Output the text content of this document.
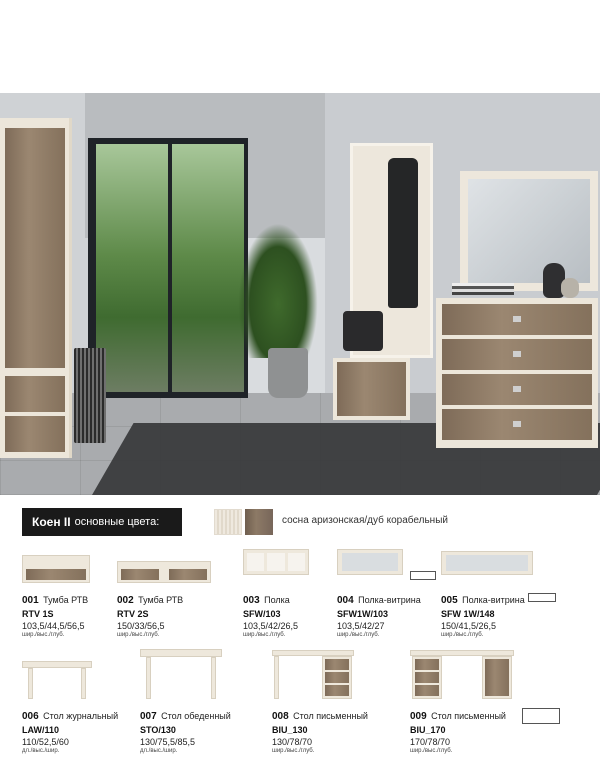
Коен II основные цвета:	сосна аризонская/дуб корабельный
001 Тумба РТВ
RTV 1S
103,5/44,5/56,5
шир./выс./глуб.
002 Тумба РТВ
RTV 2S
150/33/56,5
шир./выс./глуб.
003 Полка
SFW/103
103,5/42/26,5
шир./выс./глуб.
004 Полка-витрина
SFW1W/103
103,5/42/27
шир./выс./глуб.
005 Полка-витрина
SFW 1W/148
150/41,5/26,5
шир./выс./глуб.
006 Стол журнальный
LAW/110
110/52,5/60
дл./выс./шир.
007 Стол обеденный
STO/130
130/75,5/85,5
дл./выс./шир.
008 Стол письменный
BIU_130
130/78/70
шир./выс./глуб.
009 Стол письменный
BIU_170
170/78/70
шир./выс./глуб.
